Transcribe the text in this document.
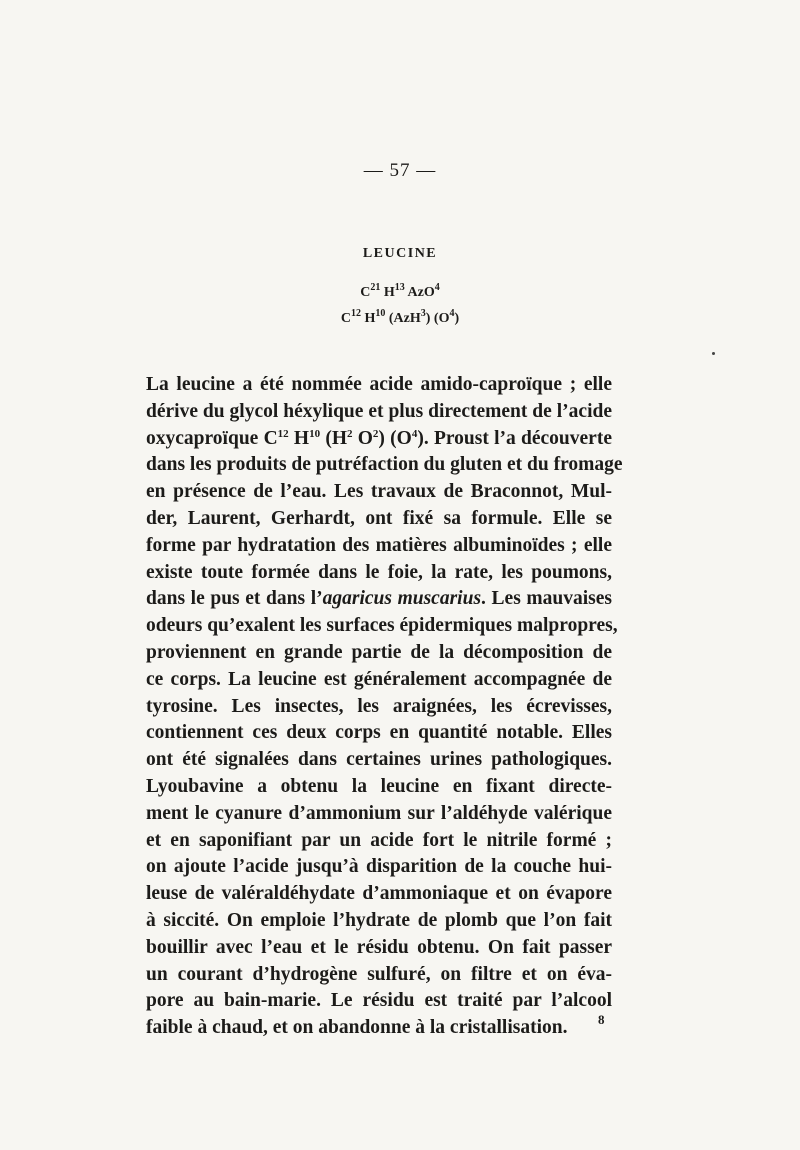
— 57 —
LEUCINE
$C^{21}$ $H^{13}$ AzO$^4$
$C^{12}$ $H^{10}$ (AzH$^3$) $(O^4)$
La leucine a été nommée acide amido-caproïque ; elle
dérive du glycol héxylique et plus directement de l’acide
oxycaproïque $C^{12}$ $H^{10}$ ($H^2$ $O^2$) $(O^4)$. Proust l’a découverte
dans les produits de putréfaction du gluten et du fromage
en présence de l’eau. Les travaux de Braconnot, Mul-
der, Laurent, Gerhardt, ont fixé sa formule. Elle se
forme par hydratation des matières albuminoïdes ; elle
existe toute formée dans le foie, la rate, les poumons,
dans le pus et dans l’agaricus muscarius. Les mauvaises
odeurs qu’exalent les surfaces épidermiques malpropres,
proviennent en grande partie de la décomposition de
ce corps. La leucine est généralement accompagnée de
tyrosine. Les insectes, les araignées, les écrevisses,
contiennent ces deux corps en quantité notable. Elles
ont été signalées dans certaines urines pathologiques.
Lyoubavine a obtenu la leucine en fixant directe-
ment le cyanure d’ammonium sur l’aldéhyde valérique
et en saponifiant par un acide fort le nitrile formé ;
on ajoute l’acide jusqu’à disparition de la couche hui-
leuse de valéraldéhydate d’ammoniaque et on évapore
à siccité. On emploie l’hydrate de plomb que l’on fait
bouillir avec l’eau et le résidu obtenu. On fait passer
un courant d’hydrogène sulfuré, on filtre et on éva-
pore au bain-marie. Le résidu est traité par l’alcool
faible à chaud, et on abandonne à la cristallisation.	8
